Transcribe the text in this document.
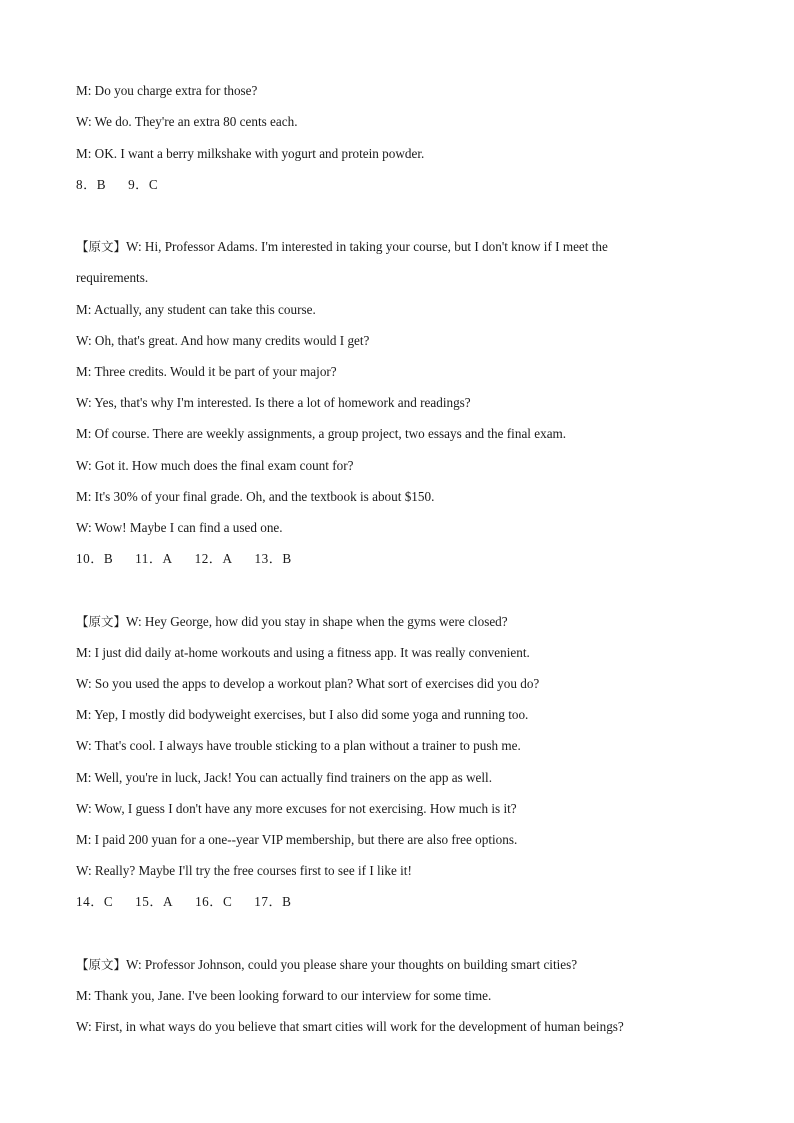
M: Do you charge extra for those?
W: We do. They're an extra 80 cents each.
M: OK. I want a berry milkshake with yogurt and protein powder.
8．B 9．C
【原文】W: Hi, Professor Adams. I'm interested in taking your course, but I don't know if I meet the
requirements.
M: Actually, any student can take this course.
W: Oh, that's great. And how many credits would I get?
M: Three credits. Would it be part of your major?
W: Yes, that's why I'm interested. Is there a lot of homework and readings?
M: Of course. There are weekly assignments, a group project, two essays and the final exam.
W: Got it. How much does the final exam count for?
M: It's 30% of your final grade. Oh, and the textbook is about $150.
W: Wow! Maybe I can find a used one.
10．B 11．A 12．A 13．B
【原文】W: Hey George, how did you stay in shape when the gyms were closed?
M: I just did daily at-home workouts and using a fitness app. It was really convenient.
W: So you used the apps to develop a workout plan? What sort of exercises did you do?
M: Yep, I mostly did bodyweight exercises, but I also did some yoga and running too.
W: That's cool. I always have trouble sticking to a plan without a trainer to push me.
M: Well, you're in luck, Jack! You can actually find trainers on the app as well.
W: Wow, I guess I don't have any more excuses for not exercising. How much is it?
M: I paid 200 yuan for a one--year VIP membership, but there are also free options.
W: Really? Maybe I'll try the free courses first to see if I like it!
14．C 15．A 16．C 17．B
【原文】W: Professor Johnson, could you please share your thoughts on building smart cities?
M: Thank you, Jane. I've been looking forward to our interview for some time.
W: First, in what ways do you believe that smart cities will work for the development of human beings?
